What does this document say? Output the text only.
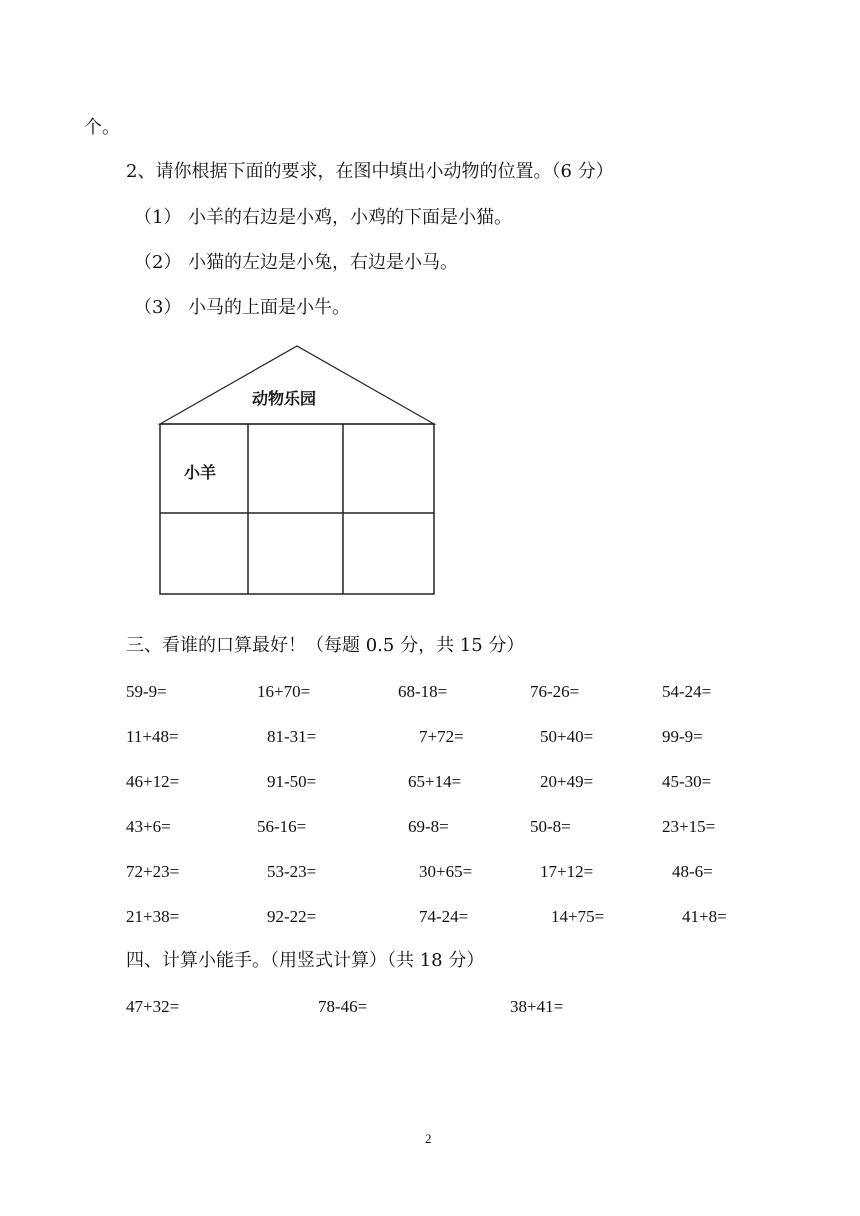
个。
2、请你根据下面的要求，在图中填出小动物的位置。（6 分）
（1） 小羊的右边是小鸡，小鸡的下面是小猫。
（2） 小猫的左边是小兔，右边是小马。
（3） 小马的上面是小牛。
动物乐园
小羊
三、看谁的口算最好！（每题 0.5 分，共 15 分）
59-9=	16+70=	68-18=	76-26=	54-24=
11+48=	81-31=	7+72=	50+40=	99-9=
46+12=	91-50=	65+14=	20+49=	45-30=
43+6=	56-16=	69-8=	50-8=	23+15=
72+23=	53-23=	30+65=	17+12=	48-6=
21+38=	92-22=	74-24=	14+75=	41+8=
四、计算小能手。（用竖式计算）（共 18 分）
47+32=	78-46=	38+41=
2
